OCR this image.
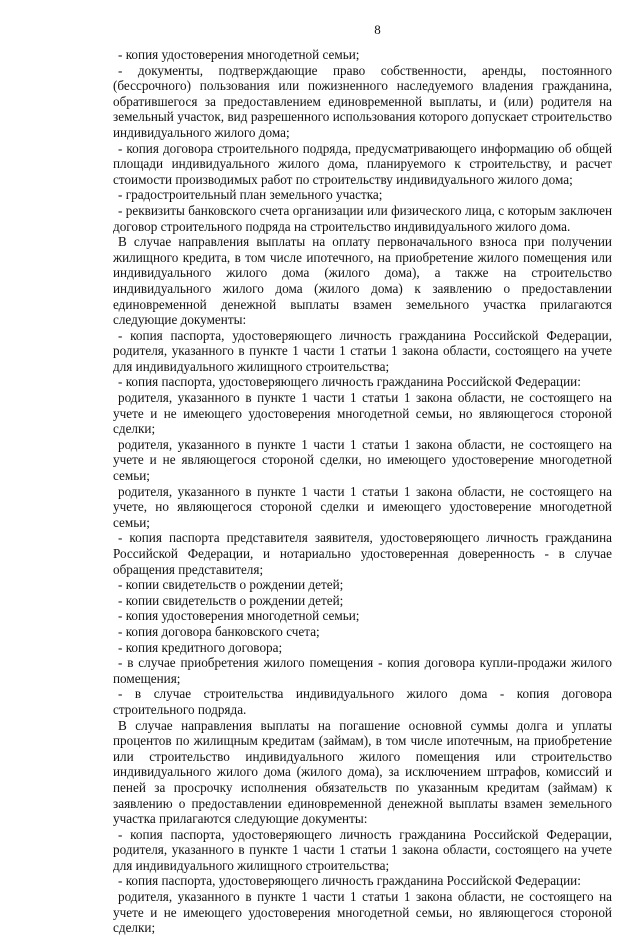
8

- копия удостоверения многодетной семьи;

- документы, подтверждающие право собственности, аренды, постоянного (бессрочного) пользования или пожизненного наследуемого владения гражданина, обратившегося за предоставлением единовременной выплаты, и (или) родителя на земельный участок, вид разрешенного использования которого допускает строительство индивидуального жилого дома;

- копия договора строительного подряда, предусматривающего информацию об общей площади индивидуального жилого дома, планируемого к строительству, и расчет стоимости производимых работ по строительству индивидуального жилого дома;

- градостроительный план земельного участка;

- реквизиты банковского счета организации или физического лица, с которым заключен договор строительного подряда на строительство индивидуального жилого дома.

В случае направления выплаты на оплату первоначального взноса при получении жилищного кредита, в том числе ипотечного, на приобретение жилого помещения или индивидуального жилого дома (жилого дома), а также на строительство индивидуального жилого дома (жилого дома) к заявлению о предоставлении единовременной денежной выплаты взамен земельного участка прилагаются следующие документы:

- копия паспорта, удостоверяющего личность гражданина Российской Федерации, родителя, указанного в пункте 1 части 1 статьи 1 закона области, состоящего на учете для индивидуального жилищного строительства;

- копия паспорта, удостоверяющего личность гражданина Российской Федерации:

родителя, указанного в пункте 1 части 1 статьи 1 закона области, не состоящего на учете и не имеющего удостоверения многодетной семьи, но являющегося стороной сделки;

родителя, указанного в пункте 1 части 1 статьи 1 закона области, не состоящего на учете и не являющегося стороной сделки, но имеющего удостоверение многодетной семьи;

родителя, указанного в пункте 1 части 1 статьи 1 закона области, не состоящего на учете, но являющегося стороной сделки и имеющего удостоверение многодетной семьи;

- копия паспорта представителя заявителя, удостоверяющего личность гражданина Российской Федерации, и нотариально удостоверенная доверенность - в случае обращения представителя;

- копии свидетельств о рождении детей;

- копии свидетельств о рождении детей;

- копия удостоверения многодетной семьи;

- копия договора банковского счета;

- копия кредитного договора;

- в случае приобретения жилого помещения - копия договора купли-продажи жилого помещения;

- в случае строительства индивидуального жилого дома - копия договора строительного подряда.

В случае направления выплаты на погашение основной суммы долга и уплаты процентов по жилищным кредитам (займам), в том числе ипотечным, на приобретение или строительство индивидуального жилого помещения или строительство индивидуального жилого дома (жилого дома), за исключением штрафов, комиссий и пеней за просрочку исполнения обязательств по указанным кредитам (займам) к заявлению о предоставлении единовременной денежной выплаты взамен земельного участка прилагаются следующие документы:

- копия паспорта, удостоверяющего личность гражданина Российской Федерации, родителя, указанного в пункте 1 части 1 статьи 1 закона области, состоящего на учете для индивидуального жилищного строительства;

- копия паспорта, удостоверяющего личность гражданина Российской Федерации:

родителя, указанного в пункте 1 части 1 статьи 1 закона области, не состоящего на учете и не имеющего удостоверения многодетной семьи, но являющегося стороной сделки;
